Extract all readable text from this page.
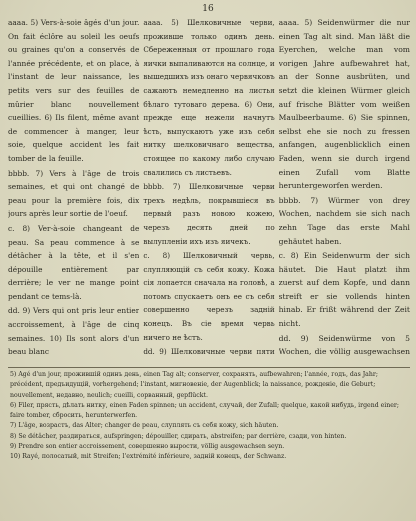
16

aaaa. 5) Vers-à-soie âgés d'un jour. On fait éclôre au soleil les oeufs ou graines qu'on a conservés de l'année précédente, et on place, à l'instant de leur naissance, les petits vers sur des feuilles de mûrier blanc nouvellement cueillies. 6) Ils filent, même avant de commencer à manger, leur soie, quelque accident les fait tomber de la feuille.

bbbb. 7) Vers à l'âge de trois semaines, et qui ont changé de peau pour la première fois, dix jours après leur sortie de l'oeuf.

c. 8) Ver-à-soie changeant de peau. Sa peau commence à se détâcher à la tête, et il s'en dépouille entièrement par derrière; le ver ne mange point pendant ce tems-là.

dd. 9) Vers qui ont pris leur entier accroissement, à l'âge de cinq semaines. 10) Ils sont alors d'un beau blanc

аааа. 5) Шелковичные черви, проживше только одинъ день. Сбереженныя от прошлаго года яички выпаливаются на солнце, и вышедшихъ изъ онаго червячковъ сажаютъ немедленно на листья бѣлаго тутоваго дерева. 6) Они, прежде еще нежели начнутъ ѣсть, выпускаютъ уже изъ себя нитку шелковичнаго вещества, стоящее по какому либо случаю свалились съ листьевъ.

bbbb. 7) Шелковичные черви трехъ недѣль, покрывшіеся въ первый разъ новою кожею, черезъ десять дней по вылупленіи ихъ изъ яичекъ.

c. 8) Шелковичный червь, слупляющій съ себя кожу. Кожа сія лопается сначала на головѣ, а потомъ спускаетъ онъ ее съ себя совершенно черезъ задній конецъ. Въ сіе время червь ничего не ѣстъ.

dd. 9) Шелковичные черви пяти

aaaa. 5) Seidenwürmer die nur einen Tag alt sind. Man läßt die Eyerchen, welche man vom vorigen Jahre aufbewahret hat, an der Sonne ausbrüten, und setzt die kleinen Würmer gleich auf frische Blätter vom weißen Maulbeerbaume. 6) Sie spinnen, selbst ehe sie noch zu fressen anfangen, augenblicklich einen Faden, wenn sie durch irgend einen Zufall vom Blatte heruntergeworfen werden.

bbbb. 7) Würmer von drey Wochen, nachdem sie sich nach zehn Tage das erste Mahl gehäutet haben.

c. 8) Ein Seidenwurm der sich häutet. Die Haut platzt ihm zuerst auf dem Kopfe, und dann streift er sie vollends hinten hinab. Er frißt während der Zeit nicht.

dd. 9) Seidenwürme von 5 Wochen, die völlig ausgewachsen

5) Agé d'un jour, прожившій одинъ день, einen Tag alt; conserver, сохранять, aufbewahren; l'année, годъ, das Jahr; précédent, предъидущій, vorhergehend; l'instant, мигновеніе, der Augenblick; la naissance, рожденіе, die Geburt; nouvellement, недавно, neulich; cueilli, сорванный, gepflückt.

6) Filer, прясть, дѣлать нитку, einen Faden spinnen; un accident, случай, der Zufall; quelque, какой нибудь, irgend einer; faire tomber, сбросить, herunterwerfen.

7) L'âge, возрастъ, das Alter; changer de peau, слуплять съ себя кожу, sich häuten.

8) Se détâcher, раздираться, aufspringen; dépouiller, сдирать, abstreifen; par derrière, сзади, von hinten.

9) Prendre son entier accroissement, совершенно вырости, völlig ausgewachsen seyn.

10) Rayé, полосатый, mit Streifen; l'extrémité inférieure, задній конецъ, der Schwanz.
